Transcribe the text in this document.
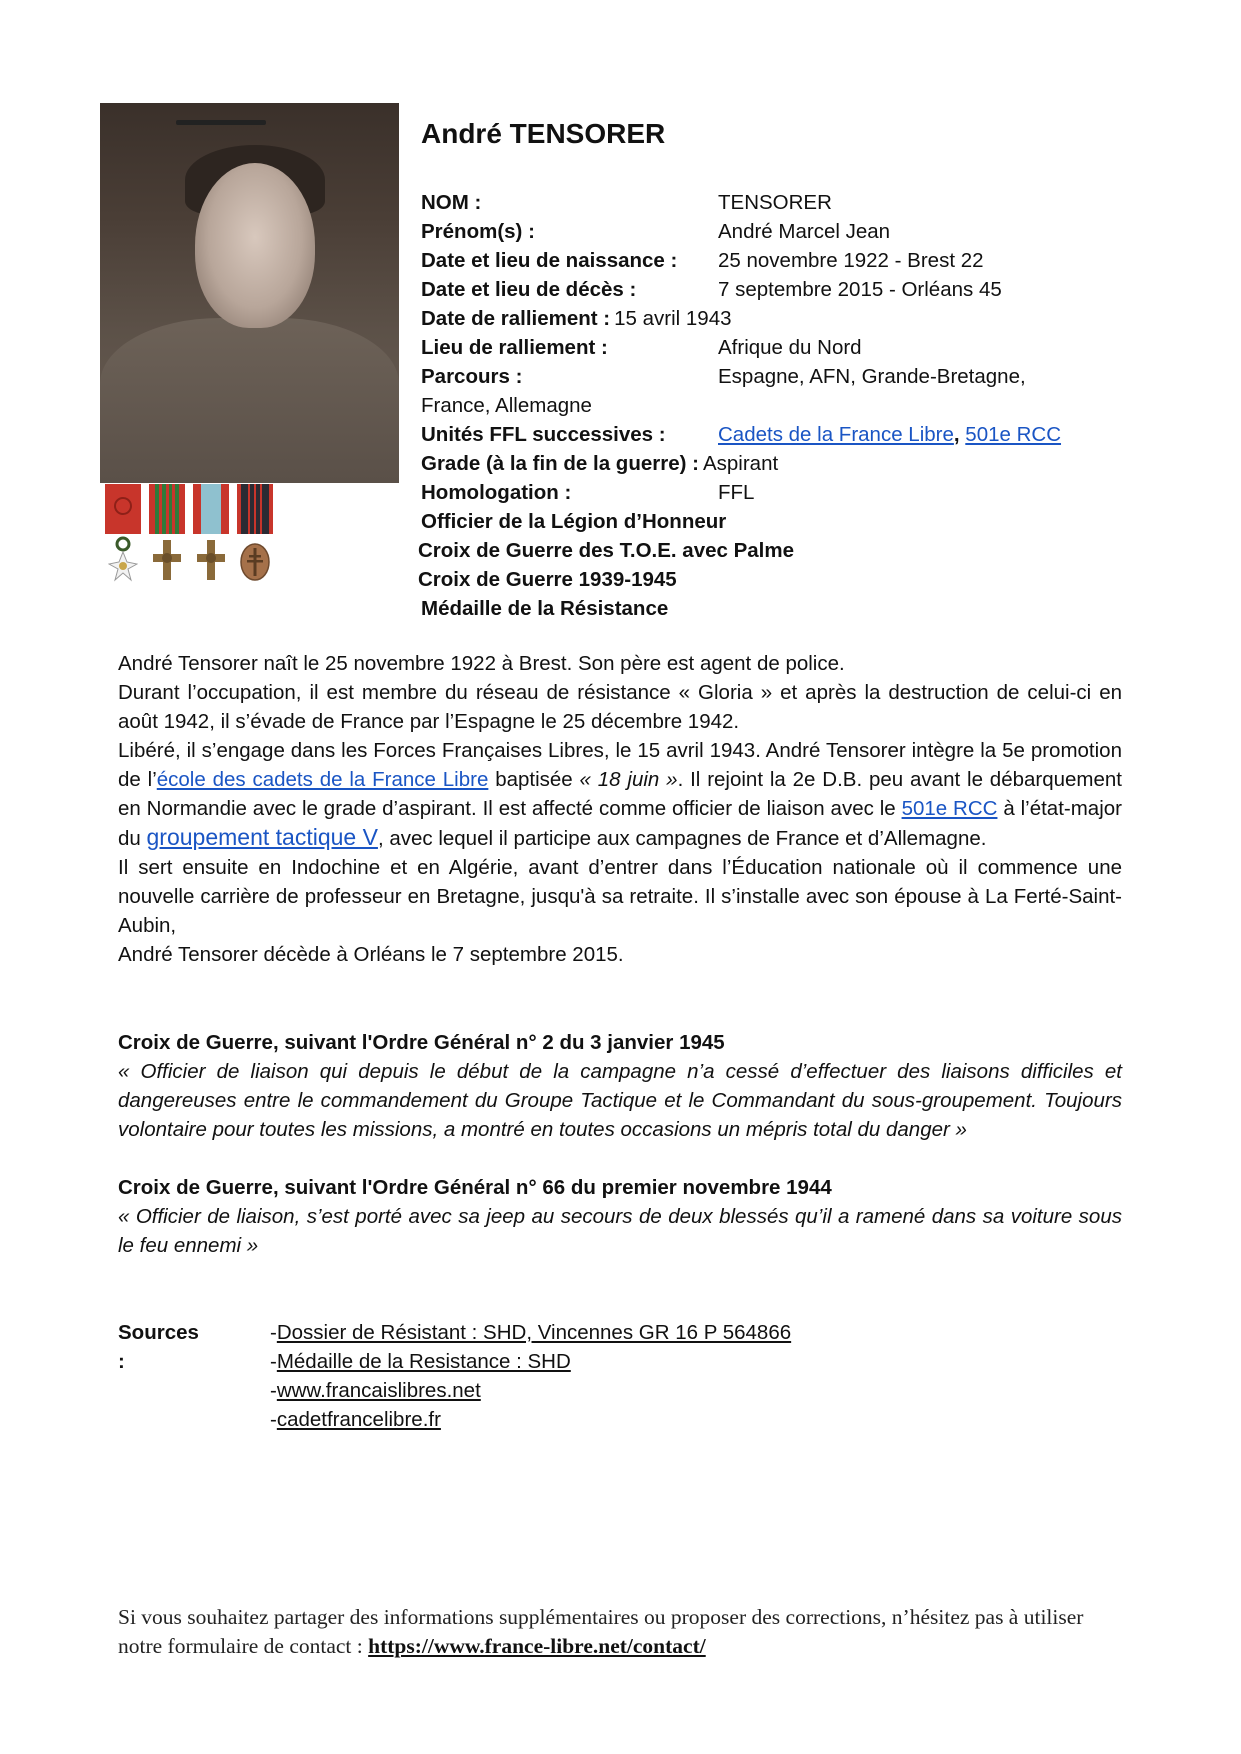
André TENSORER
NOM :	TENSORER
Prénom(s) :	André Marcel Jean
Date et lieu de naissance : 25 novembre 1922 - Brest 22
Date et lieu de décès :	7 septembre 2015 - Orléans 45
Date de ralliement : 15 avril 1943
Lieu de ralliement :	Afrique du Nord
Parcours :	Espagne, AFN, Grande-Bretagne,
France, Allemagne
Unités FFL successives :	Cadets de la France Libre, 501e RCC
Grade (à la fin de la guerre) : Aspirant
Homologation :	FFL
Officier de la Légion d’Honneur
Croix de Guerre des T.O.E. avec Palme
Croix de Guerre 1939-1945
Médaille de la Résistance

André Tensorer naît le 25 novembre 1922 à Brest. Son père est agent de police.

Durant l’occupation, il est membre du réseau de résistance « Gloria » et après la destruction de celui-ci en août 1942, il s’évade de France par l’Espagne le 25 décembre 1942.

Libéré, il s’engage dans les Forces Françaises Libres, le 15 avril 1943. André Tensorer intègre la 5e promotion de l’école des cadets de la France Libre baptisée « 18 juin ». Il rejoint la 2e D.B. peu avant le débarquement en Normandie avec le grade d’aspirant. Il est affecté comme officier de liaison avec le 501e RCC à l’état-major du groupement tactique V, avec lequel il participe aux campagnes de France et d’Allemagne.

Il sert ensuite en Indochine et en Algérie, avant d’entrer dans l’Éducation nationale où il commence une nouvelle carrière de professeur en Bretagne, jusqu'à sa retraite. Il s’installe avec son épouse à La Ferté-Saint-Aubin,

André Tensorer décède à Orléans le 7 septembre 2015.

Croix de Guerre, suivant l'Ordre Général n° 2 du 3 janvier 1945
« Officier de liaison qui depuis le début de la campagne n’a cessé d’effectuer des liaisons difficiles et dangereuses entre le commandement du Groupe Tactique et le Commandant du sous-groupement. Toujours volontaire pour toutes les missions, a montré en toutes occasions un mépris total du danger »
Croix de Guerre, suivant l'Ordre Général n° 66 du premier novembre 1944
« Officier de liaison, s’est porté avec sa jeep au secours de deux blessés qu’il a ramené dans sa voiture sous le feu ennemi »
Sources :
-Dossier de Résistant : SHD, Vincennes GR 16 P 564866
-Médaille de la Resistance : SHD
-www.francaislibres.net
-cadetfrancelibre.fr
Si vous souhaitez partager des informations supplémentaires ou proposer des corrections, n’hésitez pas à utiliser notre formulaire de contact : https://www.france-libre.net/contact/
